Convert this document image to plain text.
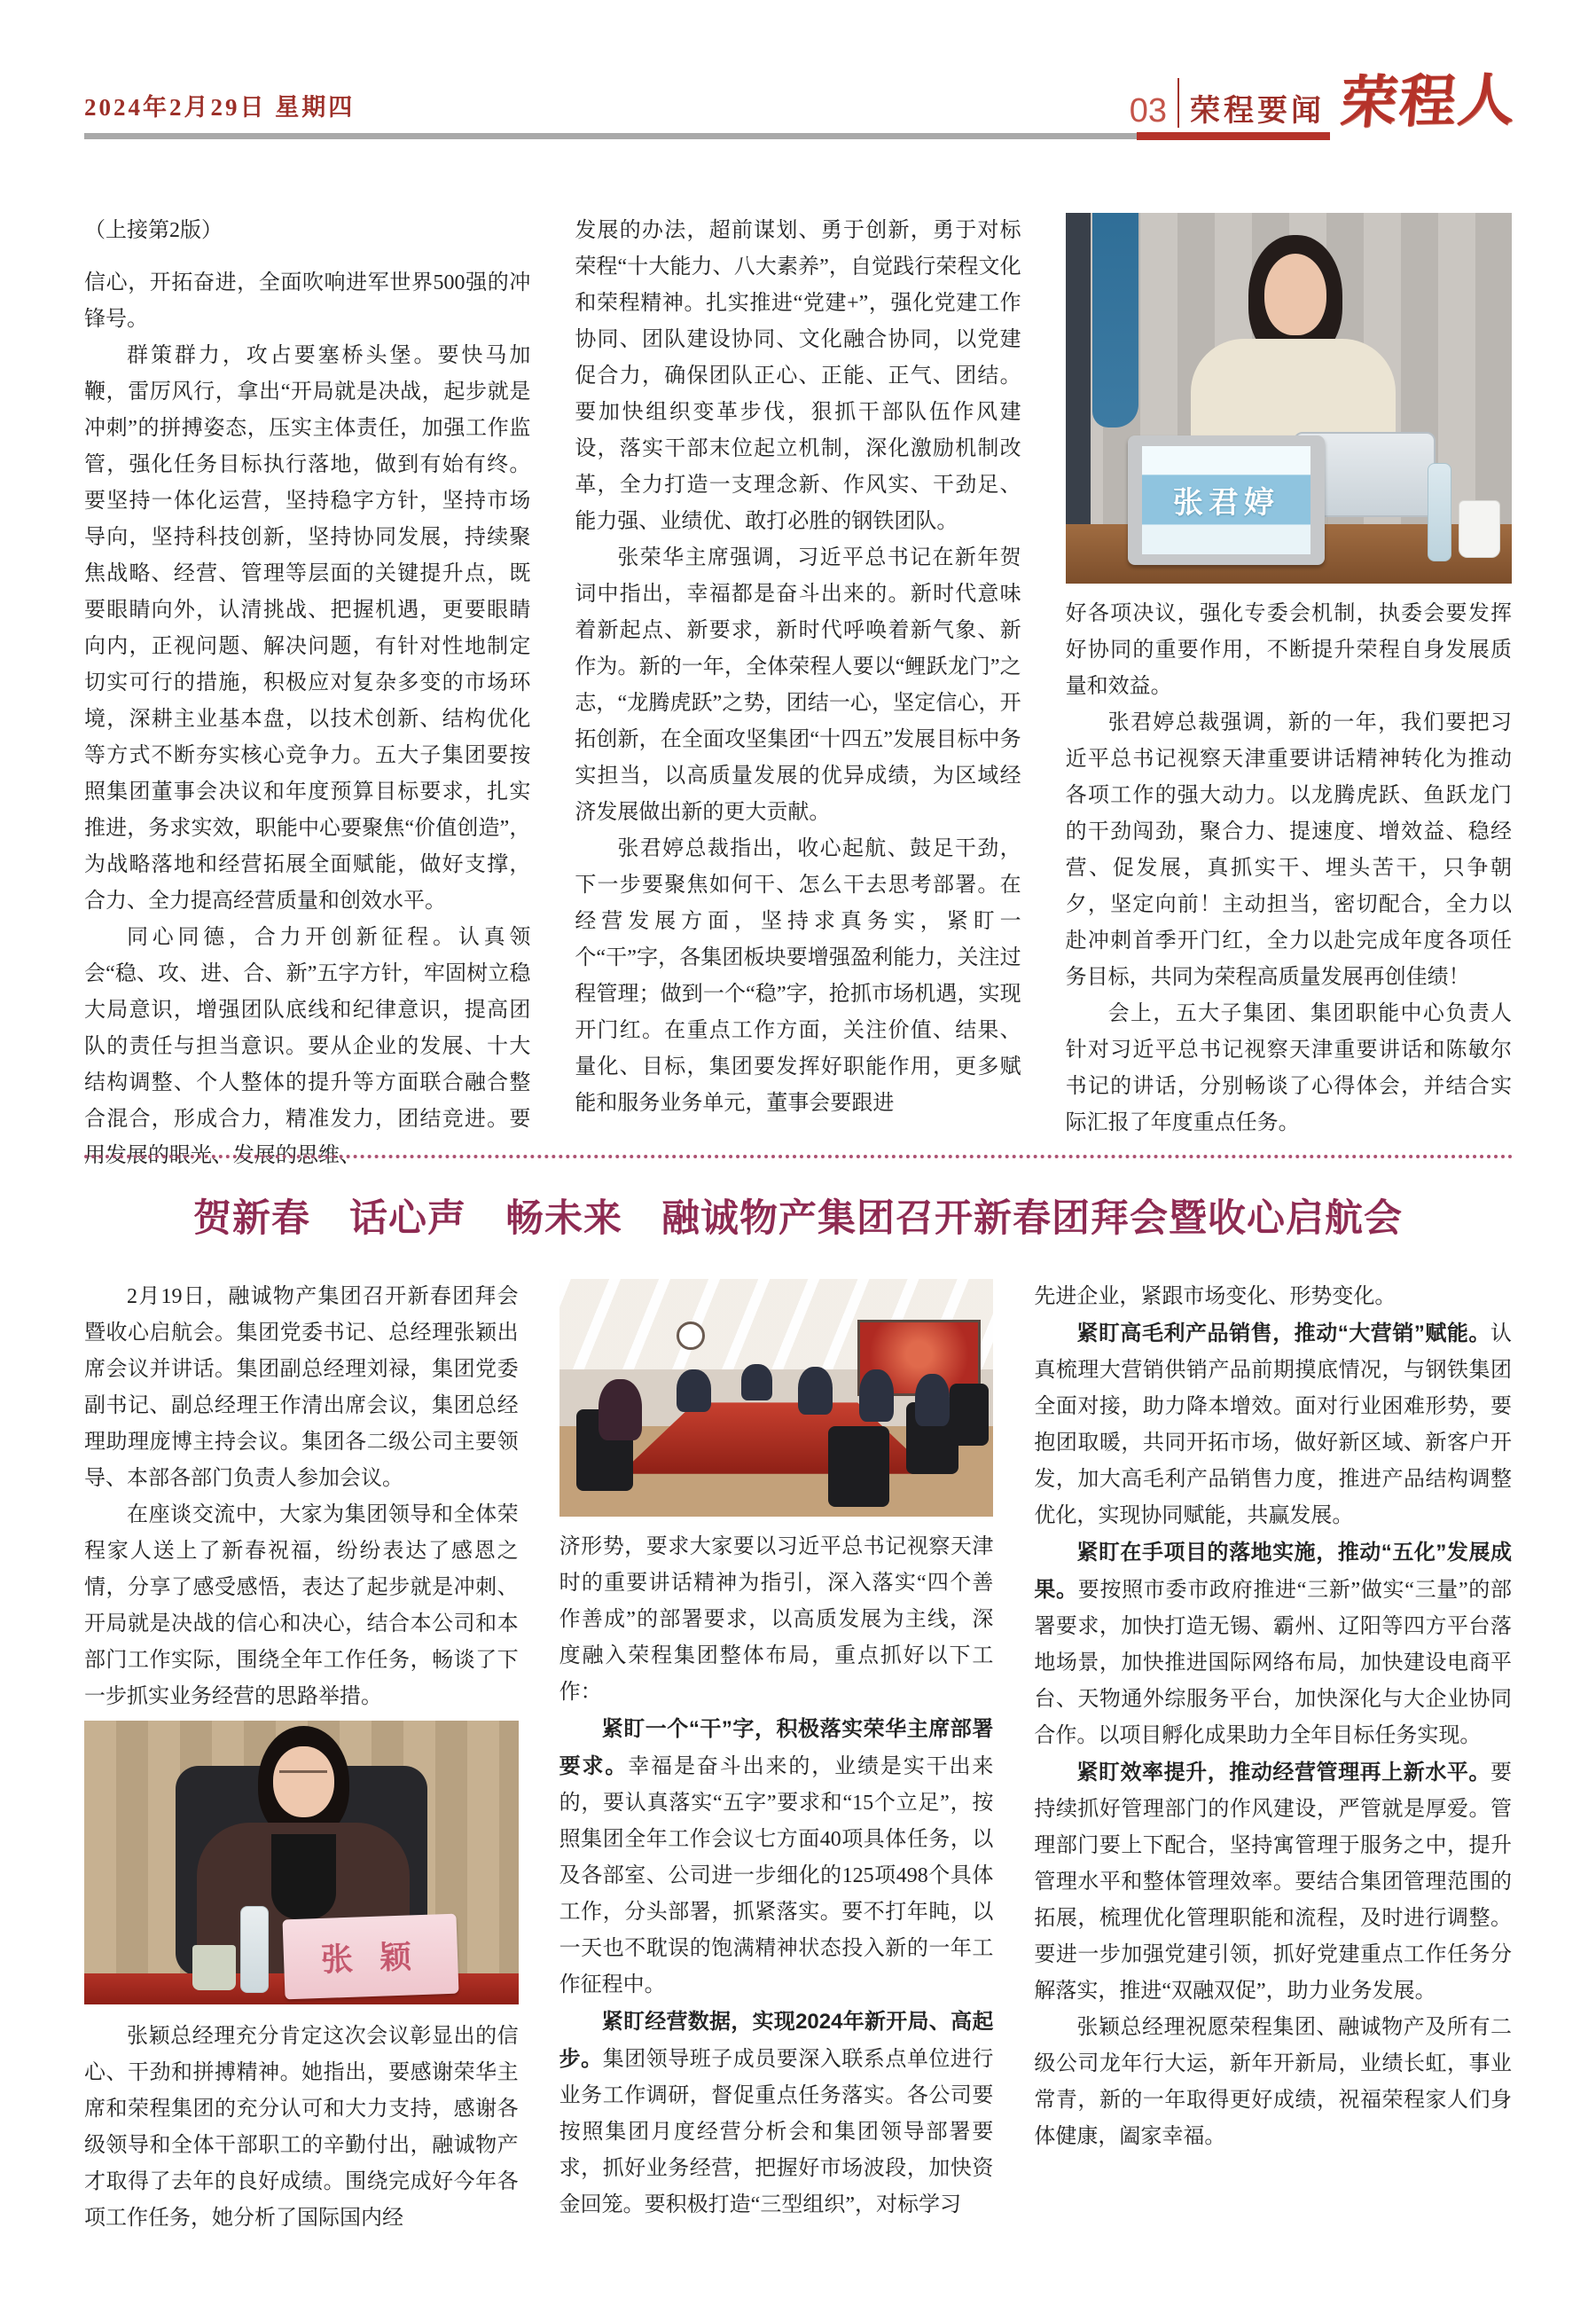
2024年2月29日 星期四	03 荣程要闻 荣程人

（上接第2版）

信心，开拓奋进，全面吹响进军世界500强的冲锋号。

群策群力，攻占要塞桥头堡。要快马加鞭，雷厉风行，拿出“开局就是决战，起步就是冲刺”的拼搏姿态，压实主体责任，加强工作监管，强化任务目标执行落地，做到有始有终。要坚持一体化运营，坚持稳字方针，坚持市场导向，坚持科技创新，坚持协同发展，持续聚焦战略、经营、管理等层面的关键提升点，既要眼睛向外，认清挑战、把握机遇，更要眼睛向内，正视问题、解决问题，有针对性地制定切实可行的措施，积极应对复杂多变的市场环境，深耕主业基本盘，以技术创新、结构优化等方式不断夯实核心竞争力。五大子集团要按照集团董事会决议和年度预算目标要求，扎实推进，务求实效，职能中心要聚焦“价值创造”，为战略落地和经营拓展全面赋能，做好支撑，合力、全力提高经营质量和创效水平。

同心同德，合力开创新征程。认真领会“稳、攻、进、合、新”五字方针，牢固树立稳大局意识，增强团队底线和纪律意识，提高团队的责任与担当意识。要从企业的发展、十大结构调整、个人整体的提升等方面联合融合整合混合，形成合力，精准发力，团结竞进。要用发展的眼光、发展的思维、

发展的办法，超前谋划、勇于创新，勇于对标荣程“十大能力、八大素养”，自觉践行荣程文化和荣程精神。扎实推进“党建+”，强化党建工作协同、团队建设协同、文化融合协同，以党建促合力，确保团队正心、正能、正气、团结。要加快组织变革步伐，狠抓干部队伍作风建设，落实干部末位起立机制，深化激励机制改革，全力打造一支理念新、作风实、干劲足、能力强、业绩优、敢打必胜的钢铁团队。

张荣华主席强调，习近平总书记在新年贺词中指出，幸福都是奋斗出来的。新时代意味着新起点、新要求，新时代呼唤着新气象、新作为。新的一年，全体荣程人要以“鲤跃龙门”之志，“龙腾虎跃”之势，团结一心，坚定信心，开拓创新，在全面攻坚集团“十四五”发展目标中务实担当，以高质量发展的优异成绩，为区域经济发展做出新的更大贡献。

张君婷总裁指出，收心起航、鼓足干劲，下一步要聚焦如何干、怎么干去思考部署。在经营发展方面，坚持求真务实，紧盯一个“干”字，各集团板块要增强盈利能力，关注过程管理；做到一个“稳”字，抢抓市场机遇，实现开门红。在重点工作方面，关注价值、结果、量化、目标，集团要发挥好职能作用，更多赋能和服务业务单元，董事会要跟进

张君婷

好各项决议，强化专委会机制，执委会要发挥好协同的重要作用，不断提升荣程自身发展质量和效益。

张君婷总裁强调，新的一年，我们要把习近平总书记视察天津重要讲话精神转化为推动各项工作的强大动力。以龙腾虎跃、鱼跃龙门的干劲闯劲，聚合力、提速度、增效益、稳经营、促发展，真抓实干、埋头苦干，只争朝夕，坚定向前！主动担当，密切配合，全力以赴冲刺首季开门红，全力以赴完成年度各项任务目标，共同为荣程高质量发展再创佳绩！

会上，五大子集团、集团职能中心负责人针对习近平总书记视察天津重要讲话和陈敏尔书记的讲话，分别畅谈了心得体会，并结合实际汇报了年度重点任务。

贺新春　话心声　畅未来　融诚物产集团召开新春团拜会暨收心启航会

2月19日，融诚物产集团召开新春团拜会暨收心启航会。集团党委书记、总经理张颖出席会议并讲话。集团副总经理刘禄，集团党委副书记、副总经理王作清出席会议，集团总经理助理庞博主持会议。集团各二级公司主要领导、本部各部门负责人参加会议。

在座谈交流中，大家为集团领导和全体荣程家人送上了新春祝福，纷纷表达了感恩之情，分享了感受感悟，表达了起步就是冲刺、开局就是决战的信心和决心，结合本公司和本部门工作实际，围绕全年工作任务，畅谈了下一步抓实业务经营的思路举措。

张 颖

张颖总经理充分肯定这次会议彰显出的信心、干劲和拼搏精神。她指出，要感谢荣华主席和荣程集团的充分认可和大力支持，感谢各级领导和全体干部职工的辛勤付出，融诚物产才取得了去年的良好成绩。围绕完成好今年各项工作任务，她分析了国际国内经

济形势，要求大家要以习近平总书记视察天津时的重要讲话精神为指引，深入落实“四个善作善成”的部署要求，以高质发展为主线，深度融入荣程集团整体布局，重点抓好以下工作：

紧盯一个“干”字，积极落实荣华主席部署要求。幸福是奋斗出来的，业绩是实干出来的，要认真落实“五字”要求和“15个立足”，按照集团全年工作会议七方面40项具体任务，以及各部室、公司进一步细化的125项498个具体工作，分头部署，抓紧落实。要不打年盹，以一天也不耽误的饱满精神状态投入新的一年工作征程中。

紧盯经营数据，实现2024年新开局、高起步。集团领导班子成员要深入联系点单位进行业务工作调研，督促重点任务落实。各公司要按照集团月度经营分析会和集团领导部署要求，抓好业务经营，把握好市场波段，加快资金回笼。要积极打造“三型组织”，对标学习

先进企业，紧跟市场变化、形势变化。

紧盯高毛利产品销售，推动“大营销”赋能。认真梳理大营销供销产品前期摸底情况，与钢铁集团全面对接，助力降本增效。面对行业困难形势，要抱团取暖，共同开拓市场，做好新区域、新客户开发，加大高毛利产品销售力度，推进产品结构调整优化，实现协同赋能，共赢发展。

紧盯在手项目的落地实施，推动“五化”发展成果。要按照市委市政府推进“三新”做实“三量”的部署要求，加快打造无锡、霸州、辽阳等四方平台落地场景，加快推进国际网络布局，加快建设电商平台、天物通外综服务平台，加快深化与大企业协同合作。以项目孵化成果助力全年目标任务实现。

紧盯效率提升，推动经营管理再上新水平。要持续抓好管理部门的作风建设，严管就是厚爱。管理部门要上下配合，坚持寓管理于服务之中，提升管理水平和整体管理效率。要结合集团管理范围的拓展，梳理优化管理职能和流程，及时进行调整。要进一步加强党建引领，抓好党建重点工作任务分解落实，推进“双融双促”，助力业务发展。

张颖总经理祝愿荣程集团、融诚物产及所有二级公司龙年行大运，新年开新局，业绩长虹，事业常青，新的一年取得更好成绩，祝福荣程家人们身体健康，阖家幸福。
